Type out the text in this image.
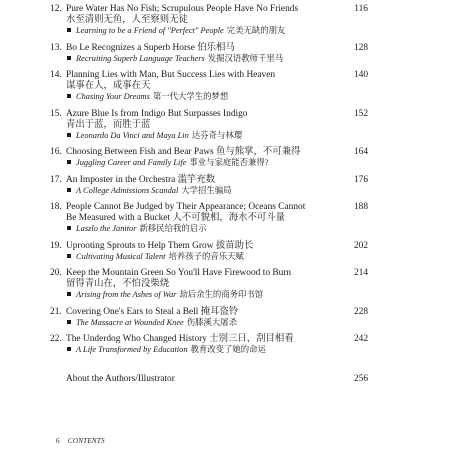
12. Pure Water Has No Fish; Scrupulous People Have No Friends	116
水至清则无鱼，人至察则无徒
Learning to be a Friend of "Perfect" People 完美无缺的朋友
13. Bo Le Recognizes a Superb Horse 伯乐相马	128
Recruiting Superb Language Teachers 发掘汉语教师千里马
14. Planning Lies with Man, But Success Lies with Heaven	140
谋事在人，成事在天
Chasing Your Dreams 第一代大学生的梦想
15. Azure Blue Is from Indigo But Surpasses Indigo	152
青出于蓝，而胜于蓝
Leonardo Da Vinci and Maya Lin 达芬奇与林璎
16. Choosing Between Fish and Bear Paws 鱼与熊掌，不可兼得	164
Juggling Career and Family Life 事业与家庭能否兼得?
17. An Imposter in the Orchestra 滥竽充数	176
A College Admissions Scandal 大学招生骗局
18. People Cannot Be Judged by Their Appearance; Oceans Cannot	188
Be Measured with a Bucket 人不可貌相，海水不可斗量
Laszlo the Janitor 新移民给我的启示
19. Uprooting Sprouts to Help Them Grow 拔苗助长	202
Cultivating Musical Talent 培养孩子的音乐天赋
20. Keep the Mountain Green So You'll Have Firewood to Burn	214
留得青山在，不怕没柴烧
Arising from the Ashes of War 劫后余生的商务印书馆
21. Covering One's Ears to Steal a Bell 掩耳盗铃	228
The Massacre at Wounded Knee 伤膝溪大屠杀
22. The Underdog Who Changed History 士别三日，刮目相看	242
A Life Transformed by Education 教育改变了她的命运
About the Authors/Illustrator	256
6 CONTENTS
